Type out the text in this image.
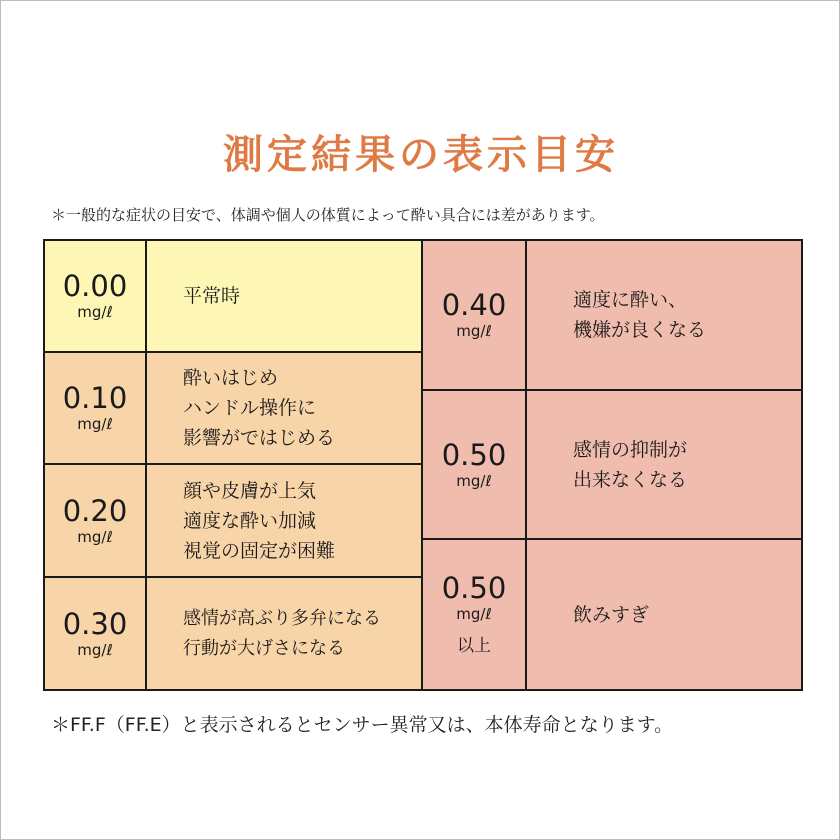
測定結果の表示目安
＊一般的な症状の目安で、体調や個人の体質によって酔い具合には差があります。
0.00
mg/ℓ
平常時
0.10
mg/ℓ
酔いはじめ
ハンドル操作に
影響がではじめる
0.20
mg/ℓ
顔や皮膚が上気
適度な酔い加減
視覚の固定が困難
0.30
mg/ℓ
感情が高ぶり多弁になる
行動が大げさになる
0.40
mg/ℓ
適度に酔い、
機嫌が良くなる
0.50
mg/ℓ
感情の抑制が
出来なくなる
0.50
mg/ℓ
以上
飲みすぎ
＊FF.F（FF.E）と表示されるとセンサー異常又は、本体寿命となります。
